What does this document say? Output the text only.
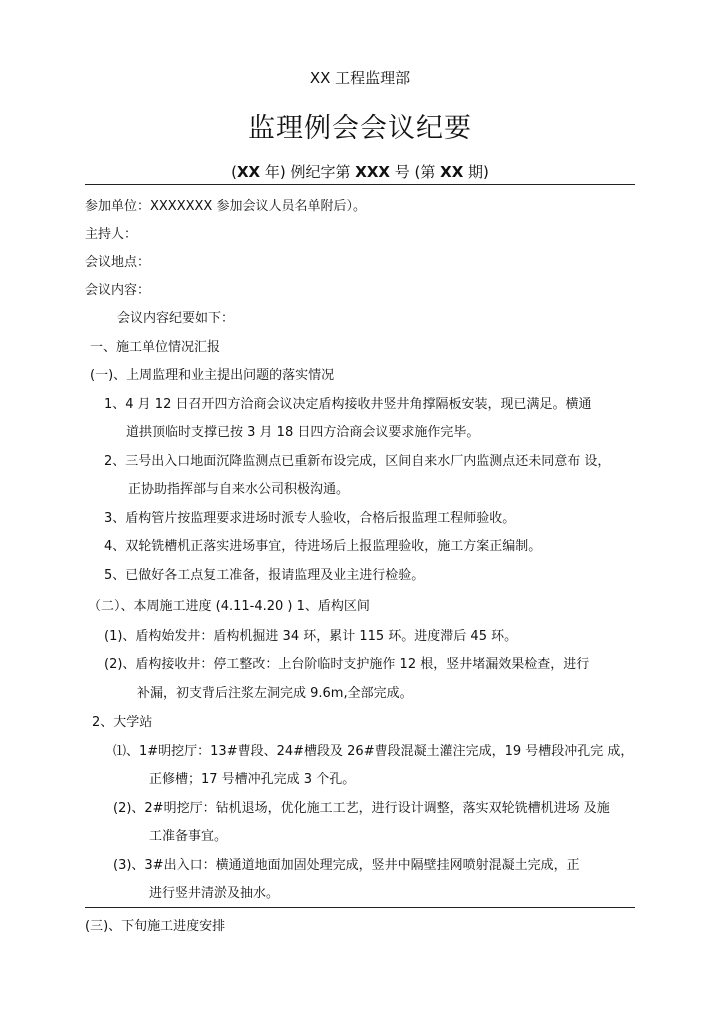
XX 工程监理部
监理例会会议纪要
(XX 年) 例纪字第 XXX 号 (第 XX 期)
参加单位：XXXXXXX 参加会议人员名单附后）。
主持人：
会议地点：
会议内容：
会议内容纪要如下：
一、施工单位情况汇报
(一)、上周监理和业主提出问题的落实情况
1、4 月 12 日召开四方洽商会议决定盾构接收井竖井角撑隔板安装，现已满足。横通
道拱顶临时支撑已按 3 月 18 日四方洽商会议要求施作完毕。
2、三号出入口地面沉降监测点已重新布设完成，区间自来水厂内监测点还未同意布 设，
正协助指挥部与自来水公司积极沟通。
3、盾构管片按监理要求进场时派专人验收，合格后报监理工程师验收。
4、双轮铣槽机正落实进场事宜，待进场后上报监理验收，施工方案正编制。
5、已做好各工点复工准备，报请监理及业主进行检验。
（二）、本周施工进度 (4.11-4.20 ) 1、盾构区间
(1)、盾构始发井：盾构机掘进 34 环，累计 115 环。进度滞后 45 环。
(2)、盾构接收井：停工整改：上台阶临时支护施作 12 根，竖井堵漏效果检查，进行
补漏，初支背后注浆左洞完成 9.6m,全部完成。
2、大学站
⑴、1#明挖厅：13#曹段、24#槽段及 26#曹段混凝土灌注完成，19 号槽段冲孔完 成，
正修槽；17 号槽冲孔完成 3 个孔。
(2)、2#明挖厅：钻机退场，优化施工工艺，进行设计调整，落实双轮铣槽机进场 及施
工准备事宜。
(3)、3#出入口：横通道地面加固处理完成，竖井中隔壁挂网喷射混凝土完成，正
进行竖井清淤及抽水。
(三)、下旬施工进度安排
